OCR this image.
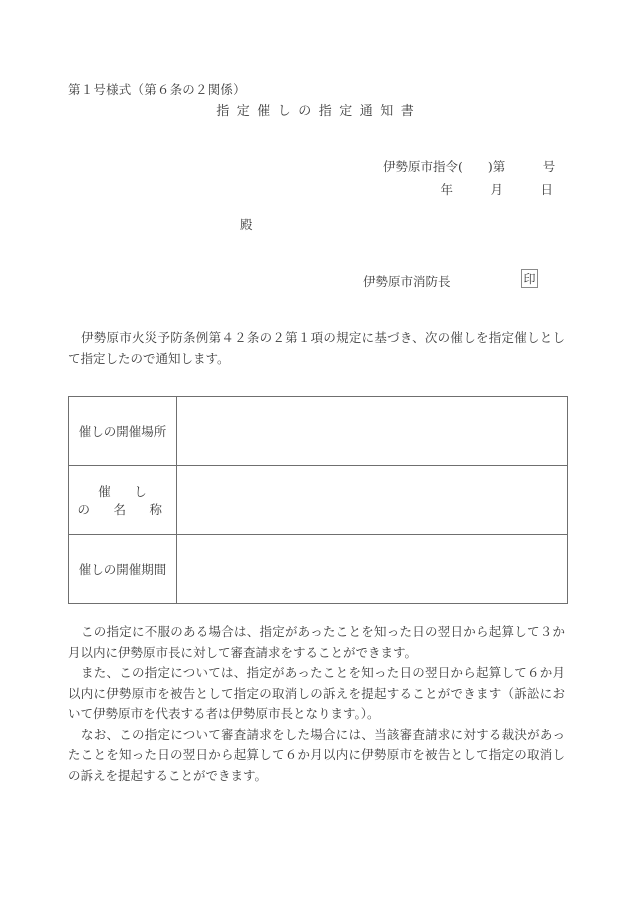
第１号様式（第６条の２関係）
指定催しの指定通知書
伊勢原市指令(　　)第　　　号
年　　　月　　　日
殿
伊勢原市消防長	印

伊勢原市火災予防条例第４２条の２第１項の規定に基づき、次の催しを指定催しとして指定したので通知します。

催しの開催場所	

催　し　の　名　称	

催しの開催期間	

この指定に不服のある場合は、指定があったことを知った日の翌日から起算して３か月以内に伊勢原市長に対して審査請求をすることができます。

また、この指定については、指定があったことを知った日の翌日から起算して６か月以内に伊勢原市を被告として指定の取消しの訴えを提起することができます（訴訟において伊勢原市を代表する者は伊勢原市長となります。）。

なお、この指定について審査請求をした場合には、当該審査請求に対する裁決があったことを知った日の翌日から起算して６か月以内に伊勢原市を被告として指定の取消しの訴えを提起することができます。
